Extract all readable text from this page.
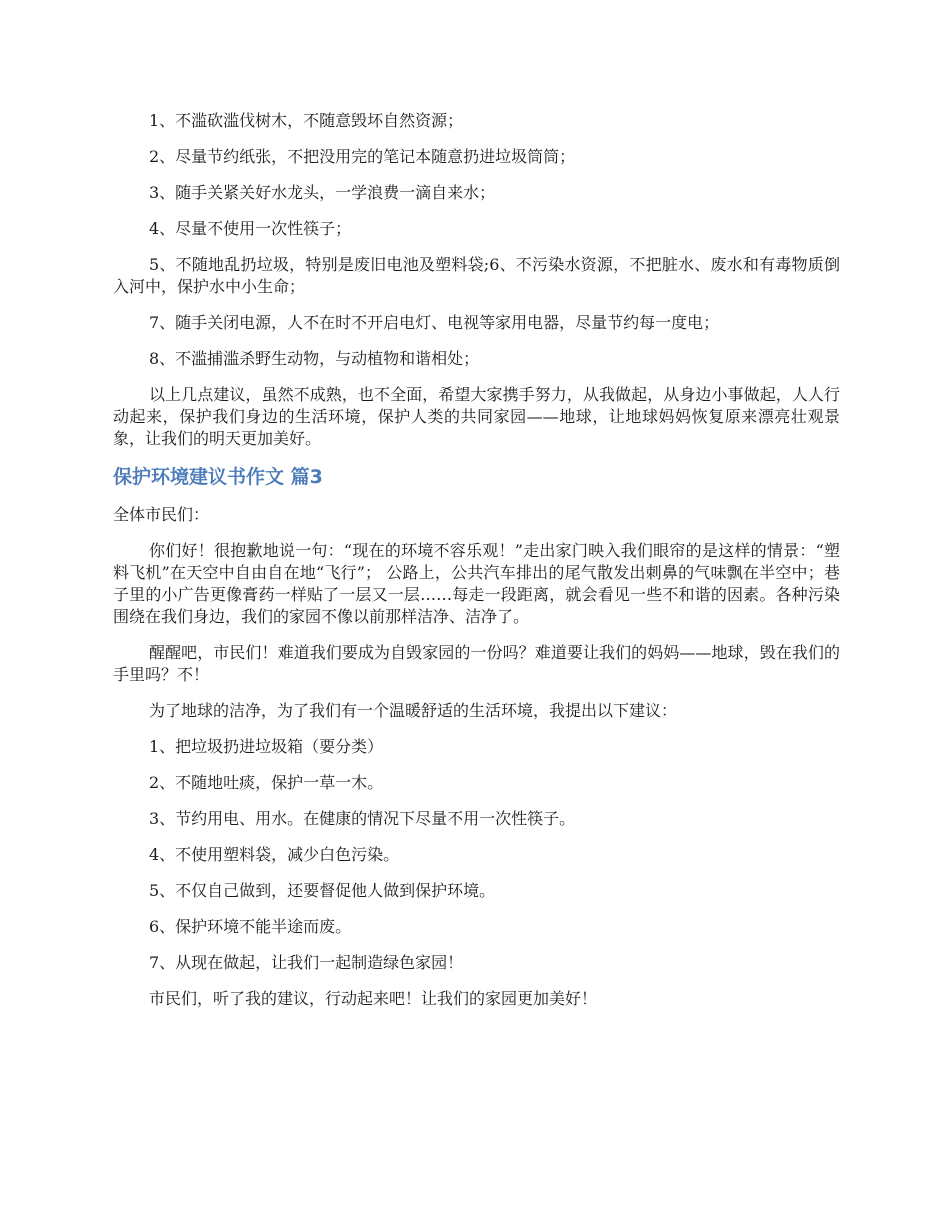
1、不滥砍滥伐树木，不随意毁坏自然资源；

2、尽量节约纸张，不把没用完的笔记本随意扔进垃圾筒筒；

3、随手关紧关好水龙头，一学浪费一滴自来水；

4、尽量不使用一次性筷子；

5、不随地乱扔垃圾，特别是废旧电池及塑料袋;6、不污染水资源，不把脏水、废水和有毒物质倒入河中，保护水中小生命；

7、随手关闭电源，人不在时不开启电灯、电视等家用电器，尽量节约每一度电；

8、不滥捕滥杀野生动物，与动植物和谐相处；

以上几点建议，虽然不成熟，也不全面，希望大家携手努力，从我做起，从身边小事做起，人人行动起来，保护我们身边的生活环境，保护人类的共同家园——地球，让地球妈妈恢复原来漂亮壮观景象，让我们的明天更加美好。

保护环境建议书作文 篇3

全体市民们：

你们好！很抱歉地说一句：“现在的环境不容乐观！”走出家门映入我们眼帘的是这样的情景：“塑料飞机”在天空中自由自在地“飞行”； 公路上，公共汽车排出的尾气散发出刺鼻的气味飘在半空中；巷子里的小广告更像膏药一样贴了一层又一层……每走一段距离，就会看见一些不和谐的因素。各种污染围绕在我们身边，我们的家园不像以前那样洁净、洁净了。

醒醒吧，市民们！难道我们要成为自毁家园的一份吗？难道要让我们的妈妈——地球，毁在我们的手里吗？不！

为了地球的洁净，为了我们有一个温暖舒适的生活环境，我提出以下建议：

1、把垃圾扔进垃圾箱（要分类）

2、不随地吐痰，保护一草一木。

3、节约用电、用水。在健康的情况下尽量不用一次性筷子。

4、不使用塑料袋，减少白色污染。

5、不仅自己做到，还要督促他人做到保护环境。

6、保护环境不能半途而废。

7、从现在做起，让我们一起制造绿色家园！

市民们，听了我的建议，行动起来吧！让我们的家园更加美好！
